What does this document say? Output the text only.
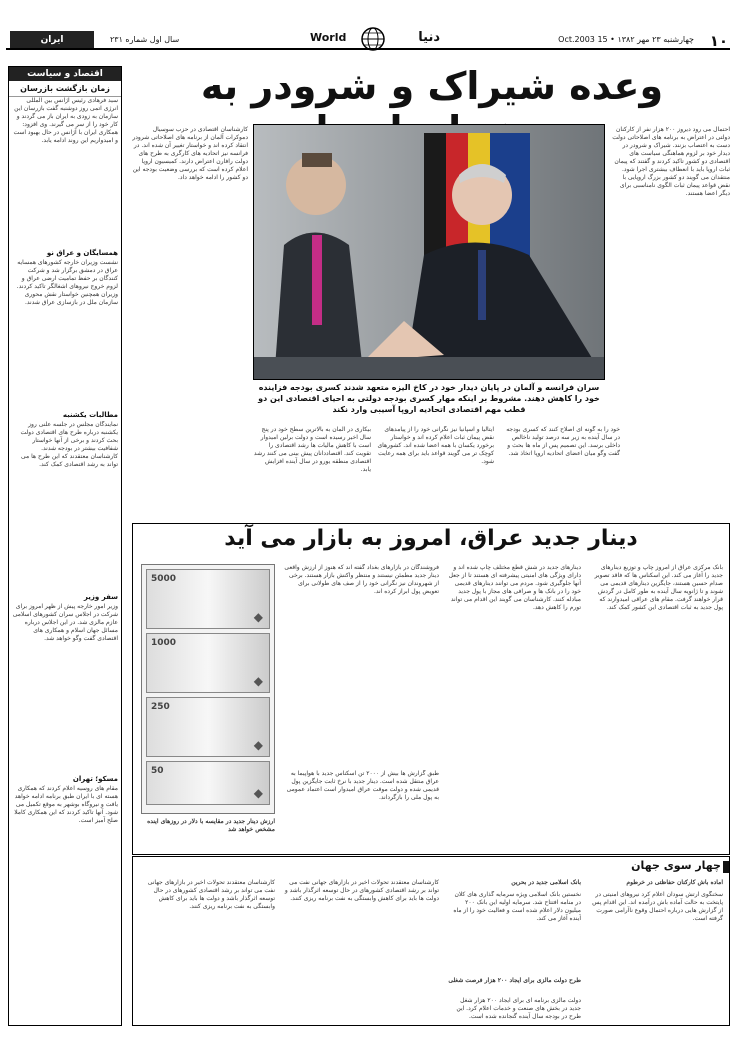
۱۰
چهارشنبه ۲۳ مهر ۱۳۸۲ • 15 Oct.2003
World	دنیا
سال اول شماره ۲۳۱
ایران
اقتصاد و سیاست
زمان بازگشت بازرسان
سید فرهادی رئیس آژانس بین المللی انرژی اتمی روز دوشنبه گفت بازرسان این سازمان به زودی به ایران باز می گردند و کار خود را از سر می گیرند. وی افزود: همکاری ایران با آژانس در حال بهبود است و امیدواریم این روند ادامه یابد.
همسایگان و عراق نو
نشست وزیران خارجه کشورهای همسایه عراق در دمشق برگزار شد و شرکت کنندگان بر حفظ تمامیت ارضی عراق و لزوم خروج نیروهای اشغالگر تاکید کردند. وزیران همچنین خواستار نقش محوری سازمان ملل در بازسازی عراق شدند.
مطالبات یکشنبه
نمایندگان مجلس در جلسه علنی روز یکشنبه درباره طرح های اقتصادی دولت بحث کردند و برخی از آنها خواستار شفافیت بیشتر در بودجه شدند. کارشناسان معتقدند که این طرح ها می تواند به رشد اقتصادی کمک کند.
سفر وزیر
وزیر امور خارجه پیش از ظهر امروز برای شرکت در اجلاس سران کشورهای اسلامی عازم مالزی شد. در این اجلاس درباره مسائل جهان اسلام و همکاری های اقتصادی گفت وگو خواهد شد.
مسکو؛ تهران
مقام های روسیه اعلام کردند که همکاری هسته ای با ایران طبق برنامه ادامه خواهد یافت و نیروگاه بوشهر به موقع تکمیل می شود. آنها تاکید کردند که این همکاری کاملا صلح آمیز است.
وعده شیراک و شرودر به
احتمال می رود دیروز ۲۰۰ هزار نفر از کارکنان دولتی در اعتراض به برنامه های اصلاحاتی دولت دست به اعتصاب بزنند. شیراک و شرودر در دیدار خود بر لزوم هماهنگی سیاست های اقتصادی دو کشور تاکید کردند و گفتند که پیمان ثبات اروپا باید با انعطاف بیشتری اجرا شود. منتقدان می گویند دو کشور بزرگ اروپایی با نقض قواعد پیمان ثبات الگوی نامناسبی برای دیگر اعضا هستند.
کارشناسان اقتصادی در حزب سوسیال دموکرات آلمان از برنامه های اصلاحاتی شرودر انتقاد کرده اند و خواستار تغییر آن شده اند. در فرانسه نیز اتحادیه های کارگری به طرح های دولت رافارن اعتراض دارند. کمیسیون اروپا اعلام کرده است که بررسی وضعیت بودجه این دو کشور را ادامه خواهد داد.
سران فرانسه و آلمان در پایان دیدار خود در کاخ الیزه متعهد شدند کسری بودجه فزاینده خود را کاهش دهند. مشروط بر اینکه مهار کسری بودجه دولتی به احیای اقتصادی این دو قطب مهم اقتصادی اتحادیه اروپا آسیبی وارد نکند
خود را به گونه ای اصلاح کنند که کسری بودجه در سال آینده به زیر سه درصد تولید ناخالص داخلی برسد. این تصمیم پس از ماه ها بحث و گفت وگو میان اعضای اتحادیه اروپا اتخاذ شد.
ایتالیا و اسپانیا نیز نگرانی خود را از پیامدهای نقض پیمان ثبات اعلام کرده اند و خواستار برخورد یکسان با همه اعضا شده اند. کشورهای کوچک تر می گویند قواعد باید برای همه رعایت شود.
بیکاری در آلمان به بالاترین سطح خود در پنج سال اخیر رسیده است و دولت برلین امیدوار است با کاهش مالیات ها رشد اقتصادی را تقویت کند. اقتصاددانان پیش بینی می کنند رشد اقتصادی منطقه یورو در سال آینده افزایش یابد.
دینار جدید عراق، امروز به بازار می آید
بانک مرکزی عراق از امروز چاپ و توزیع دینارهای جدید را آغاز می کند. این اسکناس ها که فاقد تصویر صدام حسین هستند، جایگزین دینارهای قدیمی می شوند و تا ژانویه سال آینده به طور کامل در گردش قرار خواهند گرفت. مقام های عراقی امیدوارند که پول جدید به ثبات اقتصادی این کشور کمک کند.
دینارهای جدید در شش قطع مختلف چاپ شده اند و دارای ویژگی های امنیتی پیشرفته ای هستند تا از جعل آنها جلوگیری شود. مردم می توانند دینارهای قدیمی خود را در بانک ها و صرافی های مجاز با پول جدید مبادله کنند. کارشناسان می گویند این اقدام می تواند تورم را کاهش دهد.
فروشندگان در بازارهای بغداد گفته اند که هنوز از ارزش واقعی دینار جدید مطمئن نیستند و منتظر واکنش بازار هستند. برخی از شهروندان نیز نگرانی خود را از صف های طولانی برای تعویض پول ابراز کرده اند.
طبق گزارش ها بیش از ۲۰۰۰ تن اسکناس جدید با هواپیما به عراق منتقل شده است. دینار جدید با نرخ ثابت جایگزین پول قدیمی شده و دولت موقت عراق امیدوار است اعتماد عمومی به پول ملی را بازگرداند.
5000
◆
1000
◆
250
◆
50
◆
ارزش دینار جدید در مقایسه با دلار در روزهای آینده مشخص خواهد شد
چهار سوی جهان
آماده باش کارکنان حفاظتی در خرطوم
سخنگوی ارتش سودان اعلام کرد نیروهای امنیتی در پایتخت به حالت آماده باش درآمده اند. این اقدام پس از گزارش هایی درباره احتمال وقوع ناآرامی صورت گرفته است.
بانک اسلامی جدید در بحرین
نخستین بانک اسلامی ویژه سرمایه گذاری های کلان در منامه افتتاح شد. سرمایه اولیه این بانک ۲۰۰ میلیون دلار اعلام شده است و فعالیت خود را از ماه آینده آغاز می کند.
طرح دولت مالزی برای ایجاد ۲۰۰ هزار فرصت شغلی
دولت مالزی برنامه ای برای ایجاد ۲۰۰ هزار شغل جدید در بخش های صنعت و خدمات اعلام کرد. این طرح در بودجه سال آینده گنجانده شده است.
کارشناسان معتقدند تحولات اخیر در بازارهای جهانی نفت می تواند بر رشد اقتصادی کشورهای در حال توسعه اثرگذار باشد و دولت ها باید برای کاهش وابستگی به نفت برنامه ریزی کنند.
کارشناسان معتقدند تحولات اخیر در بازارهای جهانی نفت می تواند بر رشد اقتصادی کشورهای در حال توسعه اثرگذار باشد و دولت ها باید برای کاهش وابستگی به نفت برنامه ریزی کنند.
